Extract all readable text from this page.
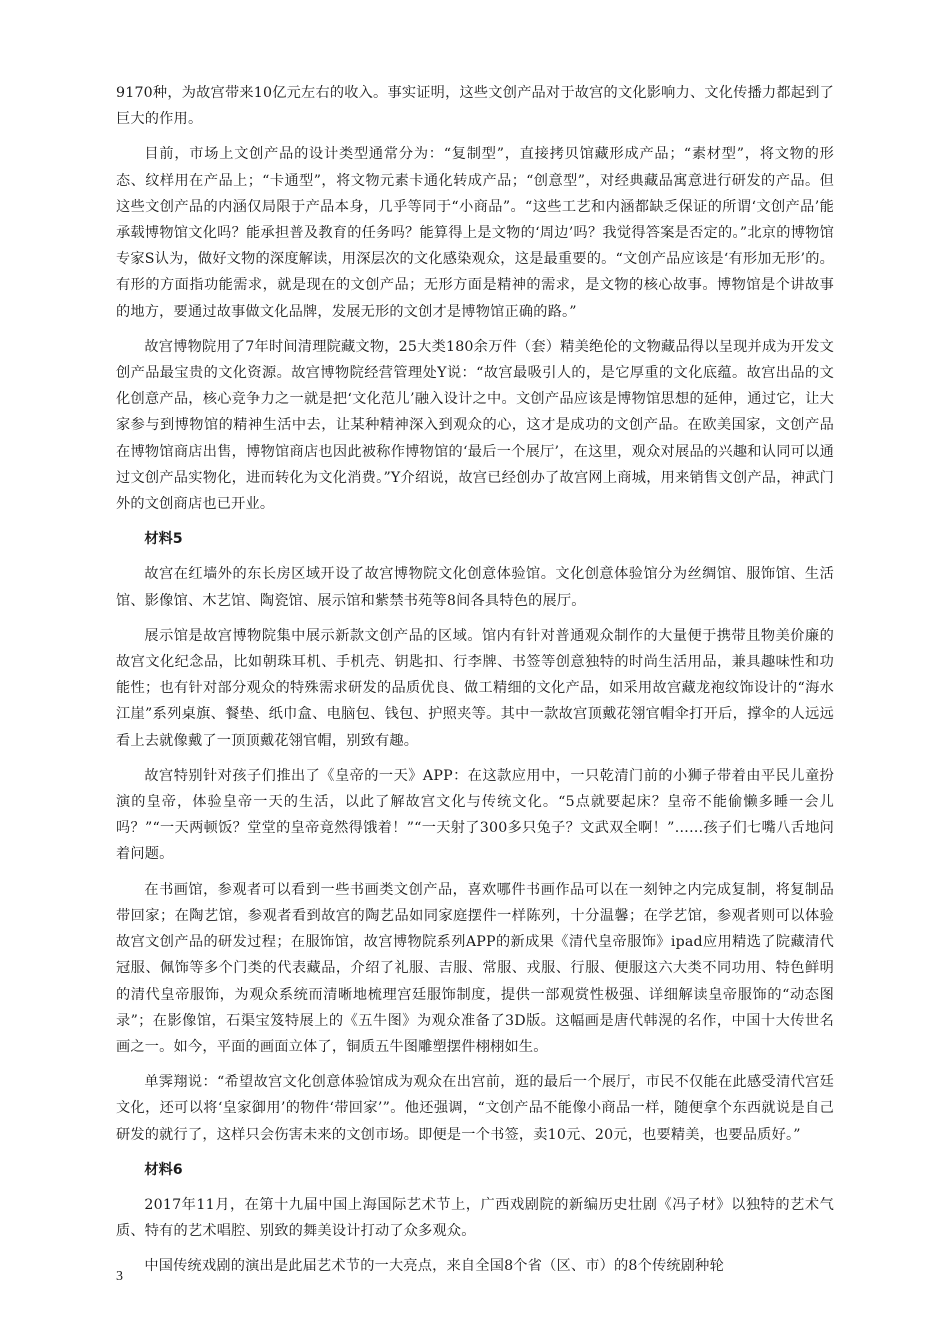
9170种，为故宫带来10亿元左右的收入。事实证明，这些文创产品对于故宫的文化影响力、文化传播力都起到了巨大的作用。

目前，市场上文创产品的设计类型通常分为：“复制型”，直接拷贝馆藏形成产品；“素材型”，将文物的形态、纹样用在产品上；“卡通型”，将文物元素卡通化转成产品；“创意型”，对经典藏品寓意进行研发的产品。但这些文创产品的内涵仅局限于产品本身，几乎等同于“小商品”。“这些工艺和内涵都缺乏保证的所谓‘文创产品’能承载博物馆文化吗？能承担普及教育的任务吗？能算得上是文物的‘周边’吗？我觉得答案是否定的。”北京的博物馆专家S认为，做好文物的深度解读，用深层次的文化感染观众，这是最重要的。“文创产品应该是‘有形加无形’的。有形的方面指功能需求，就是现在的文创产品；无形方面是精神的需求，是文物的核心故事。博物馆是个讲故事的地方，要通过故事做文化品牌，发展无形的文创才是博物馆正确的路。”

故宫博物院用了7年时间清理院藏文物，25大类180余万件（套）精美绝伦的文物藏品得以呈现并成为开发文创产品最宝贵的文化资源。故宫博物院经营管理处Y说：“故宫最吸引人的，是它厚重的文化底蕴。故宫出品的文化创意产品，核心竞争力之一就是把‘文化范儿’融入设计之中。文创产品应该是博物馆思想的延伸，通过它，让大家参与到博物馆的精神生活中去，让某种精神深入到观众的心，这才是成功的文创产品。在欧美国家，文创产品在博物馆商店出售，博物馆商店也因此被称作博物馆的‘最后一个展厅’，在这里，观众对展品的兴趣和认同可以通过文创产品实物化，进而转化为文化消费。”Y介绍说，故宫已经创办了故宫网上商城，用来销售文创产品，神武门外的文创商店也已开业。

材料5

故宫在红墙外的东长房区域开设了故宫博物院文化创意体验馆。文化创意体验馆分为丝绸馆、服饰馆、生活馆、影像馆、木艺馆、陶瓷馆、展示馆和紫禁书苑等8间各具特色的展厅。

展示馆是故宫博物院集中展示新款文创产品的区域。馆内有针对普通观众制作的大量便于携带且物美价廉的故宫文化纪念品，比如朝珠耳机、手机壳、钥匙扣、行李牌、书签等创意独特的时尚生活用品，兼具趣味性和功能性；也有针对部分观众的特殊需求研发的品质优良、做工精细的文化产品，如采用故宫藏龙袍纹饰设计的“海水江崖”系列桌旗、餐垫、纸巾盒、电脑包、钱包、护照夹等。其中一款故宫顶戴花翎官帽伞打开后，撑伞的人远远看上去就像戴了一顶顶戴花翎官帽，别致有趣。

故宫特别针对孩子们推出了《皇帝的一天》APP：在这款应用中，一只乾清门前的小狮子带着由平民儿童扮演的皇帝，体验皇帝一天的生活，以此了解故宫文化与传统文化。“5点就要起床？皇帝不能偷懒多睡一会儿吗？”“一天两顿饭？堂堂的皇帝竟然得饿着！”“一天射了300多只兔子？文武双全啊！”……孩子们七嘴八舌地问着问题。

在书画馆，参观者可以看到一些书画类文创产品，喜欢哪件书画作品可以在一刻钟之内完成复制，将复制品带回家；在陶艺馆，参观者看到故宫的陶艺品如同家庭摆件一样陈列，十分温馨；在学艺馆，参观者则可以体验故宫文创产品的研发过程；在服饰馆，故宫博物院系列APP的新成果《清代皇帝服饰》ipad应用精选了院藏清代冠服、佩饰等多个门类的代表藏品，介绍了礼服、吉服、常服、戎服、行服、便服这六大类不同功用、特色鲜明的清代皇帝服饰，为观众系统而清晰地梳理宫廷服饰制度，提供一部观赏性极强、详细解读皇帝服饰的“动态图录”；在影像馆，石渠宝笈特展上的《五牛图》为观众准备了3D版。这幅画是唐代韩滉的名作，中国十大传世名画之一。如今，平面的画面立体了，铜质五牛图雕塑摆件栩栩如生。

单霁翔说：“希望故宫文化创意体验馆成为观众在出宫前，逛的最后一个展厅，市民不仅能在此感受清代宫廷文化，还可以将‘皇家御用’的物件‘带回家’”。他还强调，“文创产品不能像小商品一样，随便拿个东西就说是自己研发的就行了，这样只会伤害未来的文创市场。即便是一个书签，卖10元、20元，也要精美，也要品质好。”

材料6

2017年11月，在第十九届中国上海国际艺术节上，广西戏剧院的新编历史壮剧《冯子材》以独特的艺术气质、特有的艺术唱腔、别致的舞美设计打动了众多观众。

中国传统戏剧的演出是此届艺术节的一大亮点，来自全国8个省（区、市）的8个传统剧种轮

3
